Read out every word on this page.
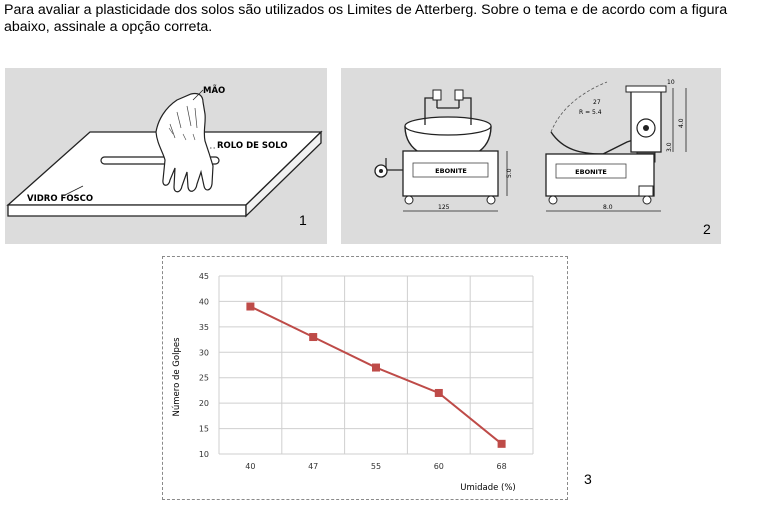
Para avaliar a plasticidade dos solos são utilizados os Limites de Atterberg. Sobre o tema e de acordo com a figura abaixo, assinale a opção correta.
MÃO
ROLO DE SOLO
VIDRO FOSCO
1
EBONITE
125
5.0	EBONITE
8.0
4.0
3.0
R = 5.4
27
10
2
10
15
20
25
30
35
40
45
40	47	55	60	68
Número de Golpes
Umidade (%)
3
